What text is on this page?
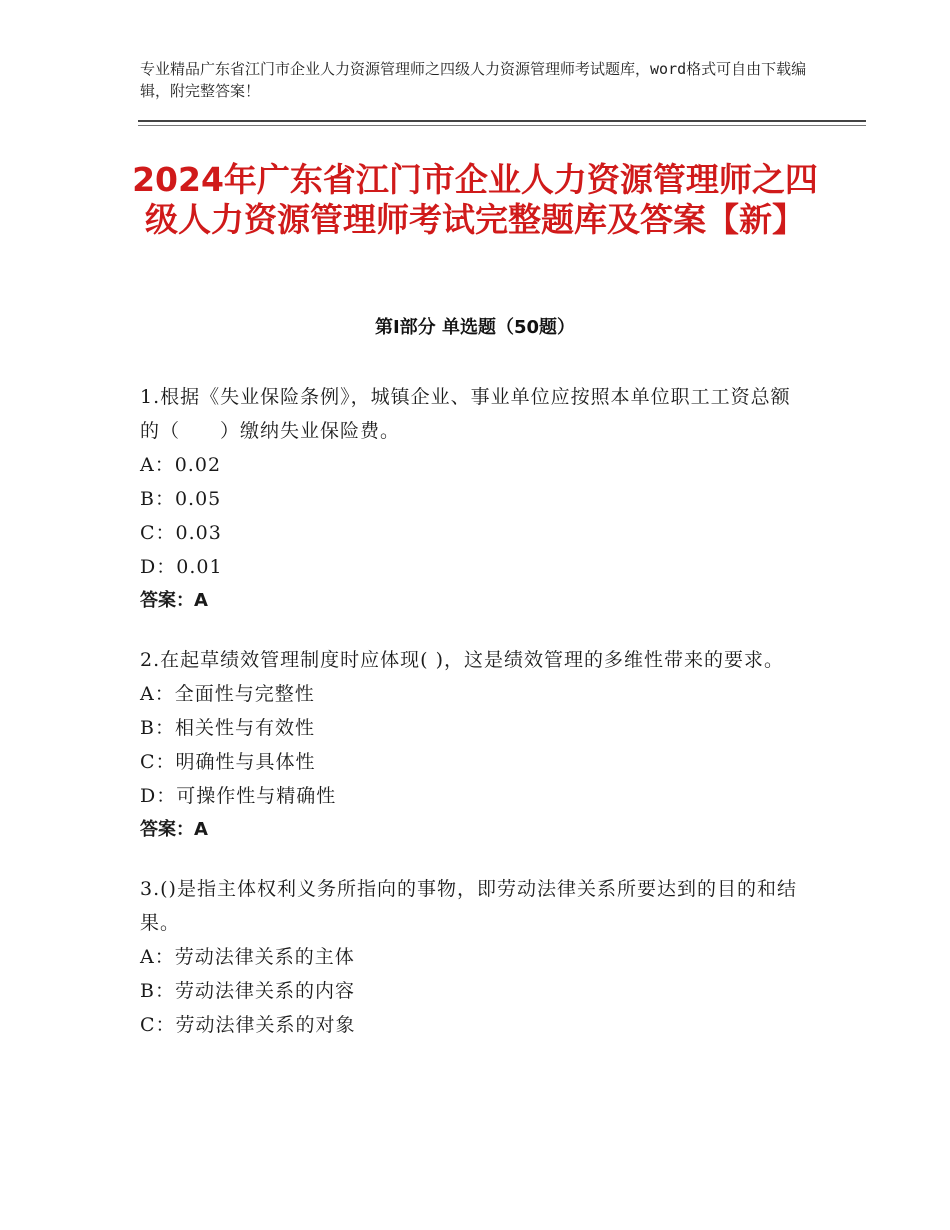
专业精品广东省江门市企业人力资源管理师之四级人力资源管理师考试题库，word格式可自由下载编辑，附完整答案！
2024年广东省江门市企业人力资源管理师之四级人力资源管理师考试完整题库及答案【新】
第Ⅰ部分 单选题（50题）

1.根据《失业保险条例》，城镇企业、事业单位应按照本单位职工工资总额的（　　）缴纳失业保险费。

A：0.02

B：0.05

C：0.03

D：0.01

答案：A

2.在起草绩效管理制度时应体现( )，这是绩效管理的多维性带来的要求。

A：全面性与完整性

B：相关性与有效性

C：明确性与具体性

D：可操作性与精确性

答案：A

3.()是指主体权利义务所指向的事物，即劳动法律关系所要达到的目的和结果。

A：劳动法律关系的主体

B：劳动法律关系的内容

C：劳动法律关系的对象
